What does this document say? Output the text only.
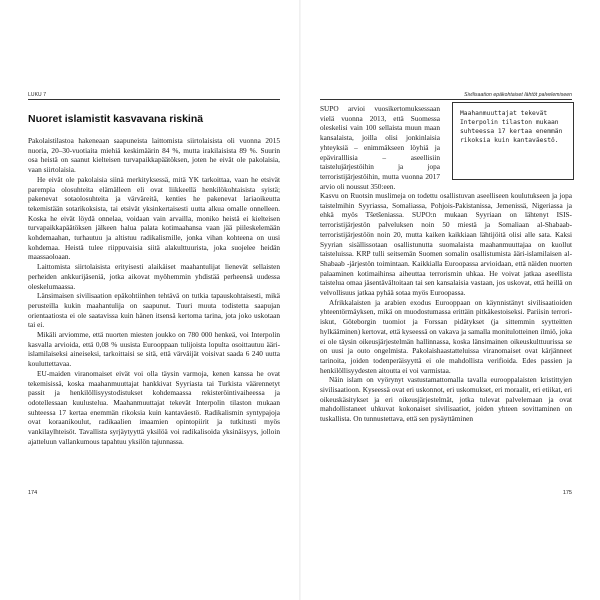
LUKU 7
Nuoret islamistit kasvavana riskinä

Pakolaistilastoa hakeneaan saapuneista laittomista siirtolaisista oli vuonna 2015 nuoria, 20–30-vuotiaita miehiä keskimäärin 84 %, mutta irakilaisista 89 %. Suurin osa heistä on saanut kielteisen turvapaikkapäätöksen, joten he eivät ole pakolaisia, vaan siirtolaisia.

He eivät ole pakolaisia siinä merkityksessä, mitä YK tarkoittaa, vaan he etsivät parempia olosuhteita elämälleen eli ovat liikkeellä henkilökohtaisista syistä; pakenevat sotaolosuhteita ja värväreitä, kenties he pakenevat lariaoikeutta tekemistään sotarikoksista, tai etsivät yksinkertaisesti uutta alkua omalle onnelleen. Koska he eivät löydä onnelaa, voidaan vain arvailla, moniko heistä ei kielteisen turvapaikkapäätöksen jälkeen halua palata kotimaahansa vaan jää piileskelemään kohdemaahan, turhautuu ja altistuu radikalismille, jonka vihan kohteena on uusi kohdemaa. Heistä tulee riippuvaisia siitä alakulttuurista, joka suojelee heidän maassaoloaan.

Laittomista siirtolaisista erityisesti alaikäiset maahantulijat lienevät sellaisten perheiden ankkurijäseniä, jotka aikovat myöhemmin yhdistää perheensä uudessa oleskelumaassa.

Länsimaisen sivilisaation epäkohtiinhen tehtävä on tutkia tapauskohtaisesti, mikä perusteilla kukin maahantulija on saapunut. Tuuri muuta todistetta saapujan orientaatiosta ei ole saatavissa kuin hänen itsensä kertoma tarina, jota joko uskotaan tai ei.

Mikäli arviomme, että nuorten miesten joukko on 780 000 henkeä, voi Interpolin kasvalla arvioida, että 0,08 % uusista Eurooppaan tulijoista lopulta osoittautuu äärі-islamilaiseksi aineiseksi, tarkoittaisi se sitä, että värväijät voisivat saada 6 240 uutta kouluttettavaa.

EU-maiden viranomaiset eivät voi olla täysin varmoja, kenen kanssa he ovat tekemisissä, koska maahanmuuttajat hankkivat Syyriasta tai Turkista väärennetyt passit ja henkilöllisyystodistukset kohdemaassa rekisteröintivaiheessa ja odotellessaan kuulustelua. Maahanmuuttajat tekevät Interpolin tilaston mukaan suhteessa 17 kertaa enemmän rikoksia kuin kantaväestö. Radikalismin syntypajoja ovat koraanikoulut, radikaalien imaamien opintopiirit ja tutkitusti myös vankilaylhteisöt. Tavallista syrjäytyyttä yksilöä voi radikalisoida yksinäisyys, jolloin ajatteluun vallankumous tapahtuu yksilön tajunnassa.

174
Sivilisaation epäkohtaiset lähtöt palvelemiseen

SUPO arvioi vuosikertomuksessaan vielä vuonna 2013, että Suomessa oleskelisi vain 100 sellaista muun maan kansalaista, joilla olisi jonkinlaisia yhteyksiä – enimmäkseen löyhiä ja epäviralllisia – aseellisiin taistelujärjestöihin ja jopa terroristijärjestöihin, mutta vuonna 2017 arvio oli noussut 350:een.

Maahanmuuttajat tekevät Interpolin tilaston mukaan suhteessa 17 kertaa enemmän rikoksia kuin kantaväestö.

Kasvu on Ruotsin muslimeja on todettu osallistuvan aseelliseen koulutukseen ja jopa taistelmihin Syyriassa, Somaliassa, Pohjois-Pakistanissa, Jemenissä, Nigeriassa ja ehkä myös Tšetšeniassa. SUPO:n mukaan Syyriaan on lähtenyt ISIS-terroristijärjestön palveluksen noin 50 miestä ja Somaliaan al-Shabaab-terroristijärjestöön noin 20, mutta kaiken kaikkiaan lähtijöitä olisi alle sata. Kaksi Syyrian sisällissotaan osallistunutta suomalaista maahanmuuttajaa on kuollut taisteluissa. KRP tulli seitsemän Suomen somalin osallistumista ääri-islamilaisen al-Shabaab -järjestön toimintaan. Kaikkialla Euroopassa arvioidaan, että näiden nuorten palaaminen kotimaihinsa aiheuttaa terrorismin uhkaa. He voivat jatkaa aseellista taistelua omaa jäsentävältoitaan tai sen kansalaisia vastaan, jos uskovat, että heillä on velvollisuus jatkaa pyhää sotaa myös Euroopassa.

Afrikkalaisten ja arabien exodus Eurooppaan on käynnistänyt sivilisaatioiden yhteentörmäyksen, mikä on muodostumassa erittäin pitkäkestoiseksi. Pariisin terrori-iskut, Göteborgin tuomiot ja Forssan pidätykset (ja sittemmin syytteitten hylkääminen) kertovat, että kyseessä on vakava ja samalla monitulotteinen ilmiö, joka ei ole täysin oikeusjärjestelmän hallinnassa, koska länsimainen oikeuskulttuurissa se on uusi ja outo ongelmista. Pakolaishaastatteluissa viranomaiset ovat kärjänneet tarinoita, joiden todenperäisyyttä ei ole mahdollista verifioida. Edes passien ja henkilöllisyydesten aitoutta ei voi varmistaa.

Näin islam on vyörynyt vastustamattomalla tavalla eurooppalaisten kristittyjen sivilisaatioon. Kyseessä ovat eri uskonnot, eri uskomukset, eri moraalit, eri etiikat, eri oikeuskäsitykset ja eri oikeusjärjestelmät, jotka tulevat palvelemaan ja ovat mahdollistaneet uhkuvat kokonaiset sivilisaatiot, joiden yhteen sovittaminen on tuskallista. On tunnustettava, että sen pysäyttäminen

175
